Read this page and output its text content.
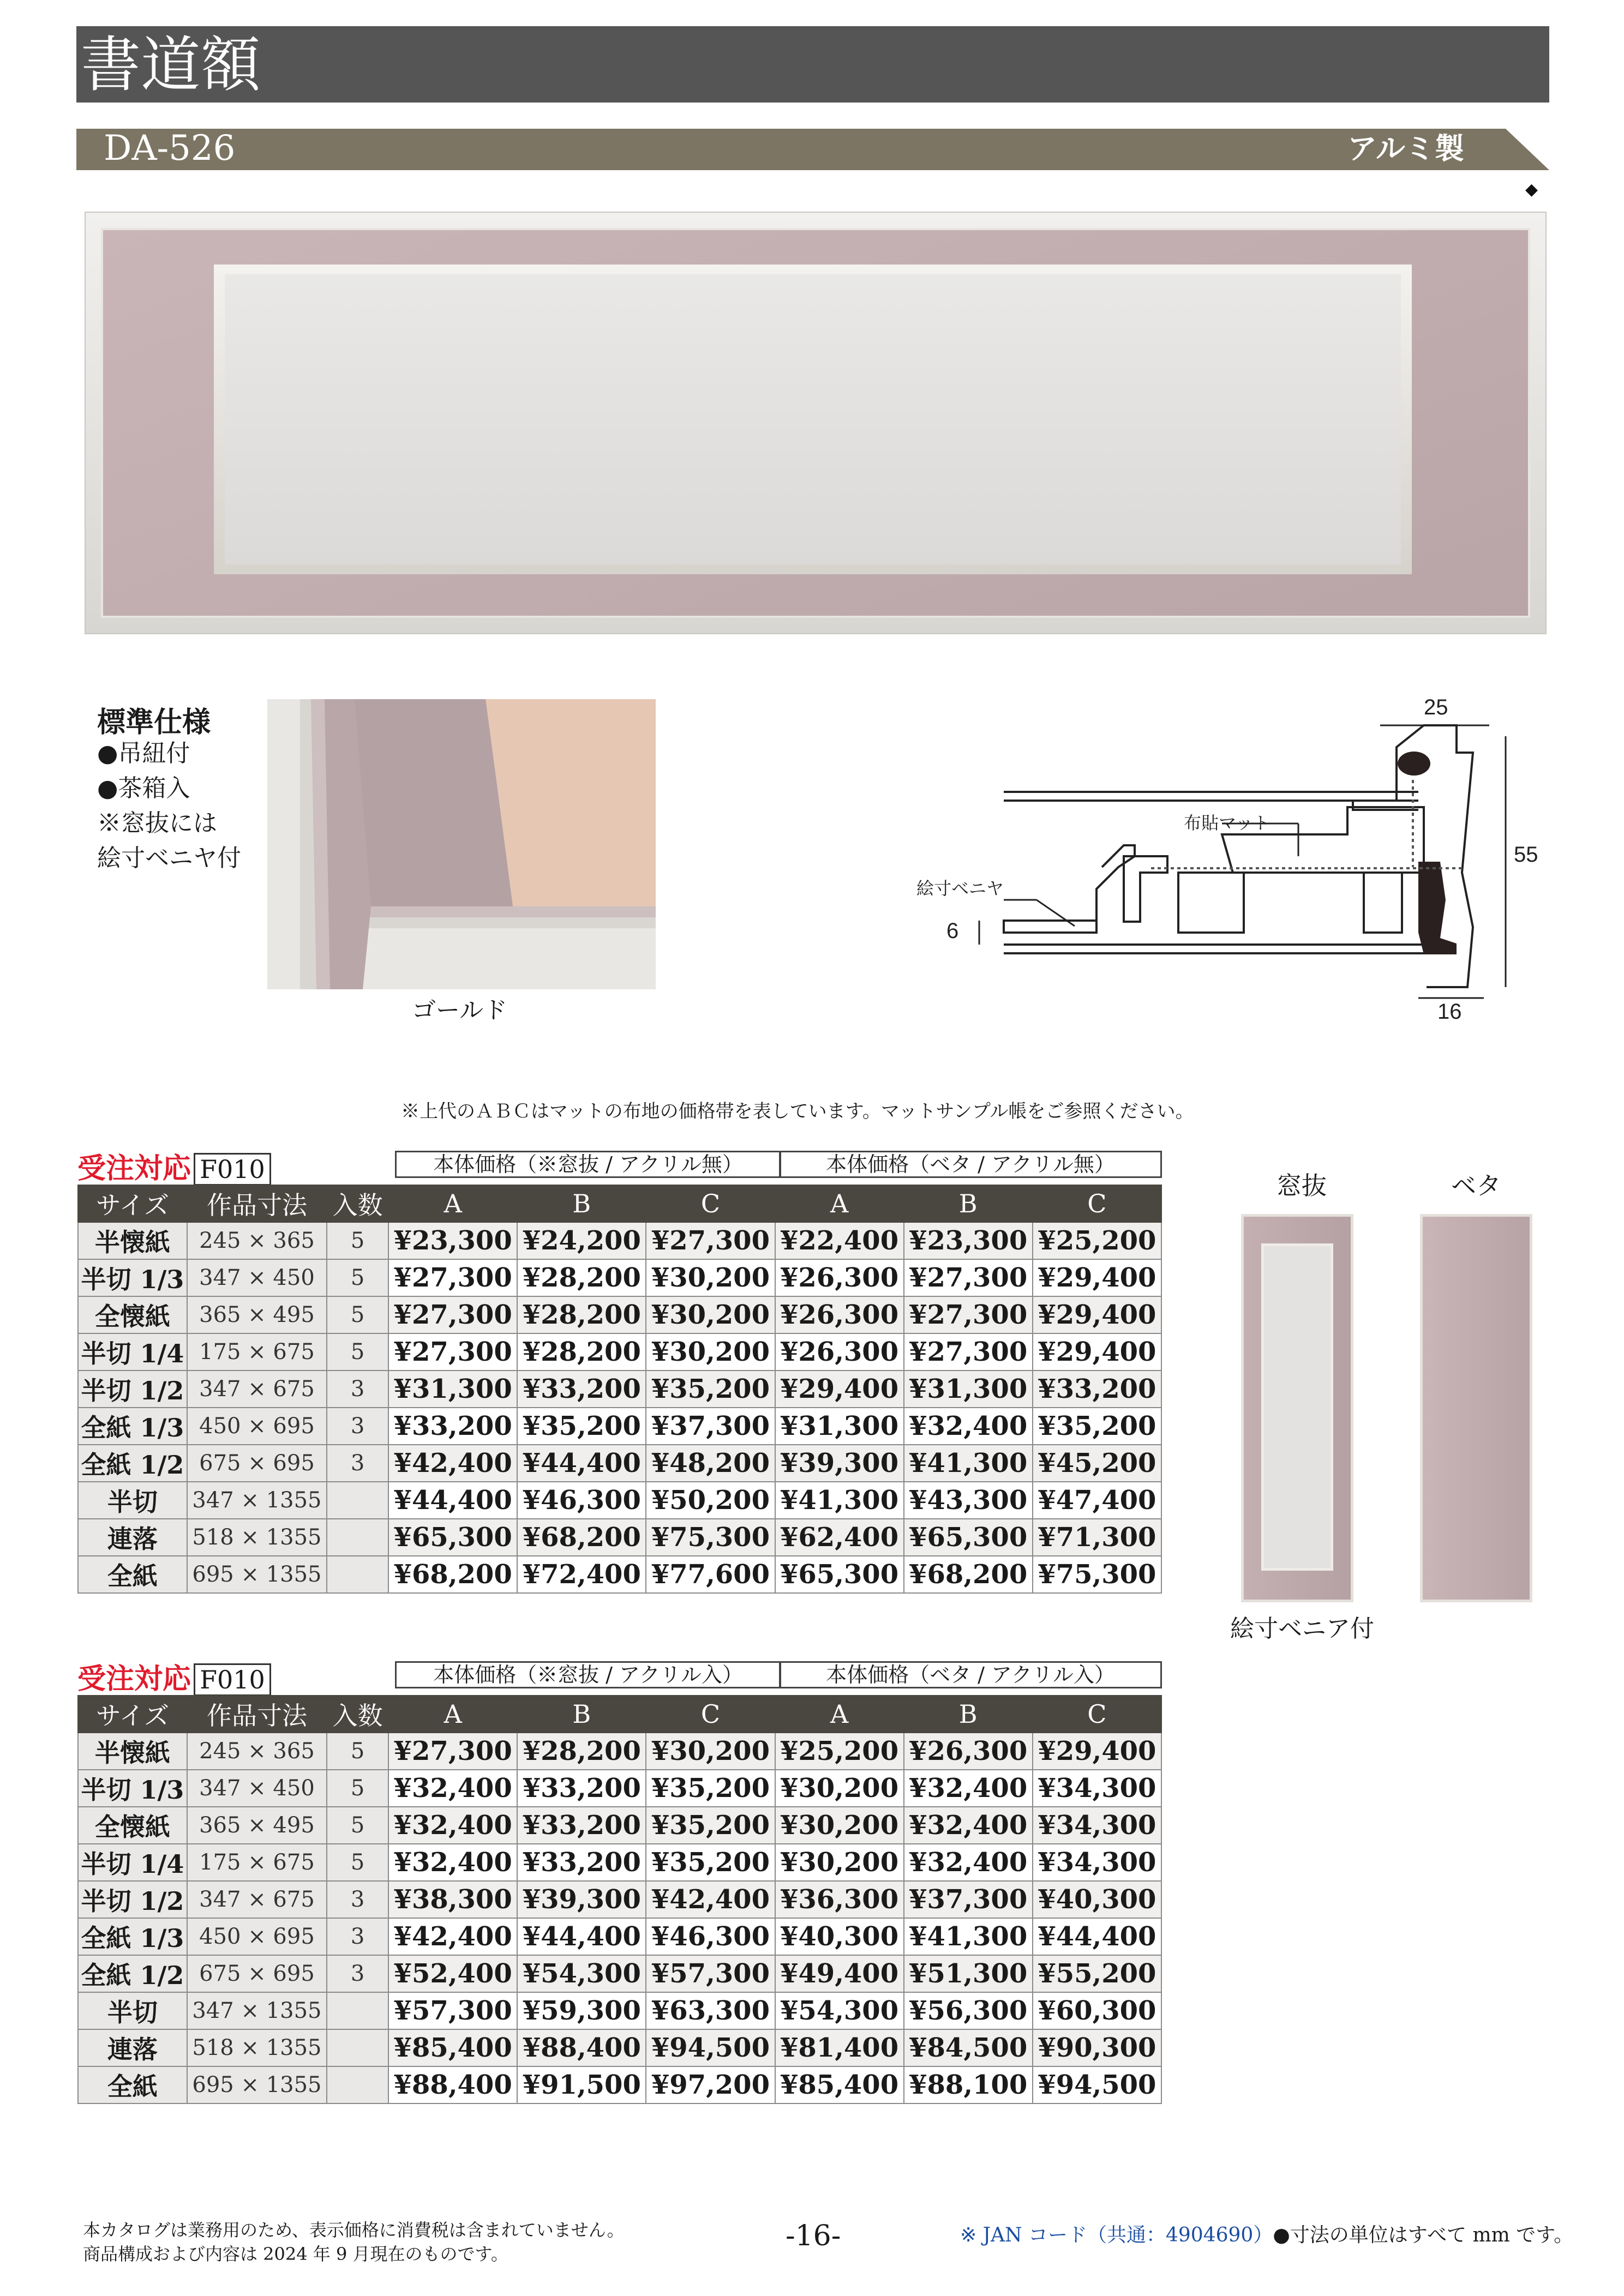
書道額
DA-526	アルミ製
◆
標準仕様
●吊紐付
●茶箱入
※窓抜には
絵寸ベニヤ付
ゴールド
25
55
16
6
布貼マット
絵寸ベニヤ
※上代のＡＢＣはマットの布地の価格帯を表しています。マットサンプル帳をご参照ください。
受注対応 F010	本体価格（※窓抜 / アクリル無）	本体価格（ベタ / アクリル無）
サイズ	作品寸法	入数	A	B	C	A	B	C
半懐紙	245 × 365	5	¥23,300	¥24,200	¥27,300	¥22,400	¥23,300	¥25,200
半切 1/3	347 × 450	5	¥27,300	¥28,200	¥30,200	¥26,300	¥27,300	¥29,400
全懐紙	365 × 495	5	¥27,300	¥28,200	¥30,200	¥26,300	¥27,300	¥29,400
半切 1/4	175 × 675	5	¥27,300	¥28,200	¥30,200	¥26,300	¥27,300	¥29,400
半切 1/2	347 × 675	3	¥31,300	¥33,200	¥35,200	¥29,400	¥31,300	¥33,200
全紙 1/3	450 × 695	3	¥33,200	¥35,200	¥37,300	¥31,300	¥32,400	¥35,200
全紙 1/2	675 × 695	3	¥42,400	¥44,400	¥48,200	¥39,300	¥41,300	¥45,200
半切	347 × 1355		¥44,400	¥46,300	¥50,200	¥41,300	¥43,300	¥47,400
連落	518 × 1355		¥65,300	¥68,200	¥75,300	¥62,400	¥65,300	¥71,300
全紙	695 × 1355		¥68,200	¥72,400	¥77,600	¥65,300	¥68,200	¥75,300
受注対応 F010	本体価格（※窓抜 / アクリル入）	本体価格（ベタ / アクリル入）
サイズ	作品寸法	入数	A	B	C	A	B	C
半懐紙	245 × 365	5	¥27,300	¥28,200	¥30,200	¥25,200	¥26,300	¥29,400
半切 1/3	347 × 450	5	¥32,400	¥33,200	¥35,200	¥30,200	¥32,400	¥34,300
全懐紙	365 × 495	5	¥32,400	¥33,200	¥35,200	¥30,200	¥32,400	¥34,300
半切 1/4	175 × 675	5	¥32,400	¥33,200	¥35,200	¥30,200	¥32,400	¥34,300
半切 1/2	347 × 675	3	¥38,300	¥39,300	¥42,400	¥36,300	¥37,300	¥40,300
全紙 1/3	450 × 695	3	¥42,400	¥44,400	¥46,300	¥40,300	¥41,300	¥44,400
全紙 1/2	675 × 695	3	¥52,400	¥54,300	¥57,300	¥49,400	¥51,300	¥55,200
半切	347 × 1355		¥57,300	¥59,300	¥63,300	¥54,300	¥56,300	¥60,300
連落	518 × 1355		¥85,400	¥88,400	¥94,500	¥81,400	¥84,500	¥90,300
全紙	695 × 1355		¥88,400	¥91,500	¥97,200	¥85,400	¥88,100	¥94,500
窓抜	ベタ
絵寸ベニア付
本カタログは業務用のため、表示価格に消費税は含まれていません。
商品構成および内容は 2024 年 9 月現在のものです。
-16-	※ JAN コード（共通：4904690）●寸法の単位はすべて mm です。
